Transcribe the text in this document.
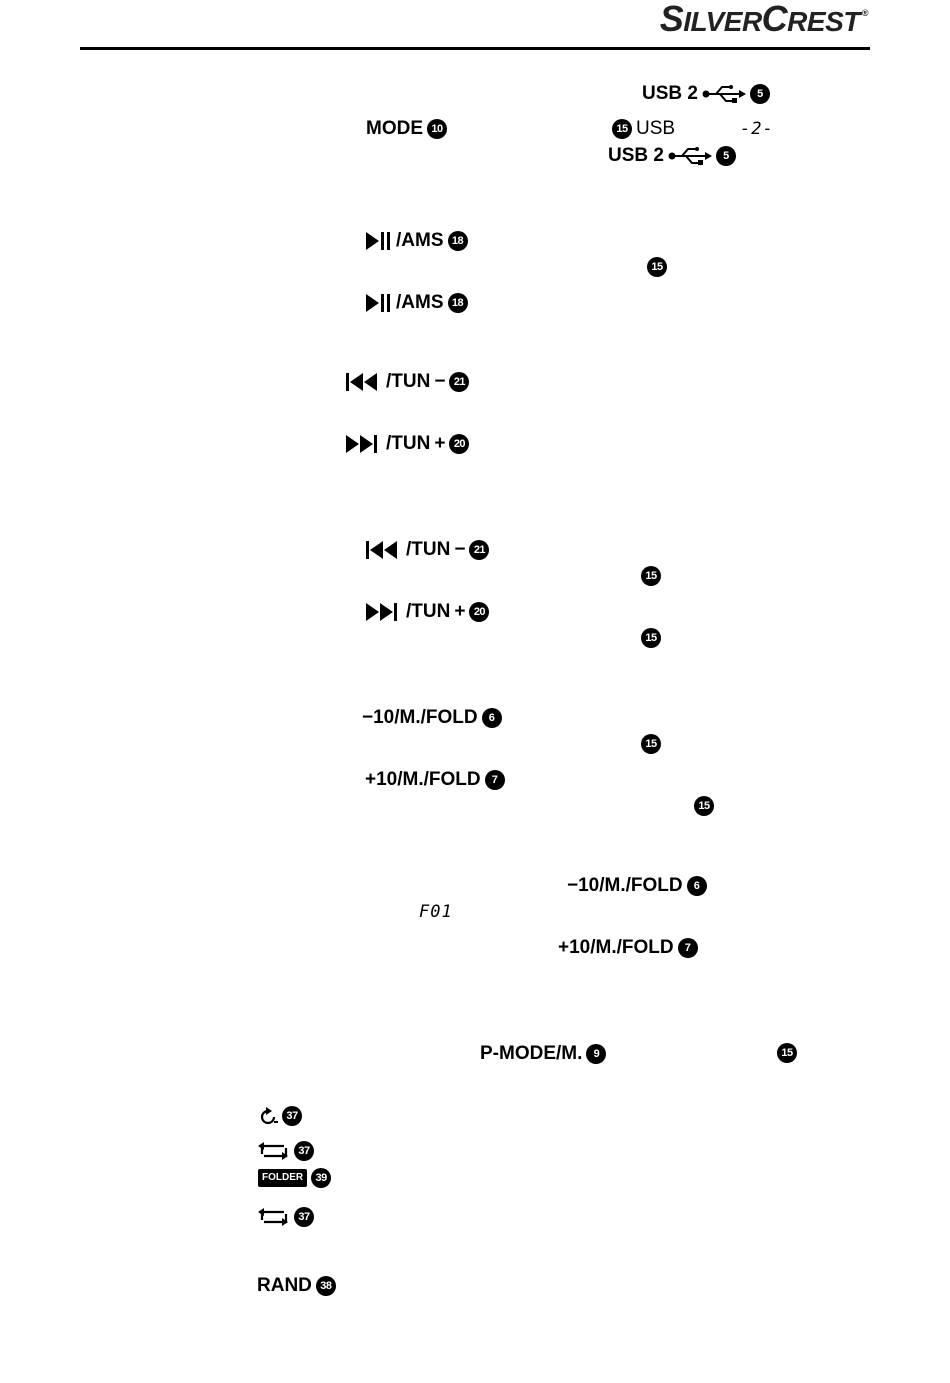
SILVERCREST ®
USB 2	5
MODE 10	15 USB	-2-
USB 2	5
/AMS 18
15
/AMS 18
/TUN − 21
/TUN + 20
/TUN − 21
15
/TUN + 20
15
−10/M./FOLD	6
15
+10/M./FOLD	7
15
−10/M./FOLD	6
F01
+10/M./FOLD	7
P-MODE/M.	9	15
37
37
FOLDER	39
37
RAND 38
